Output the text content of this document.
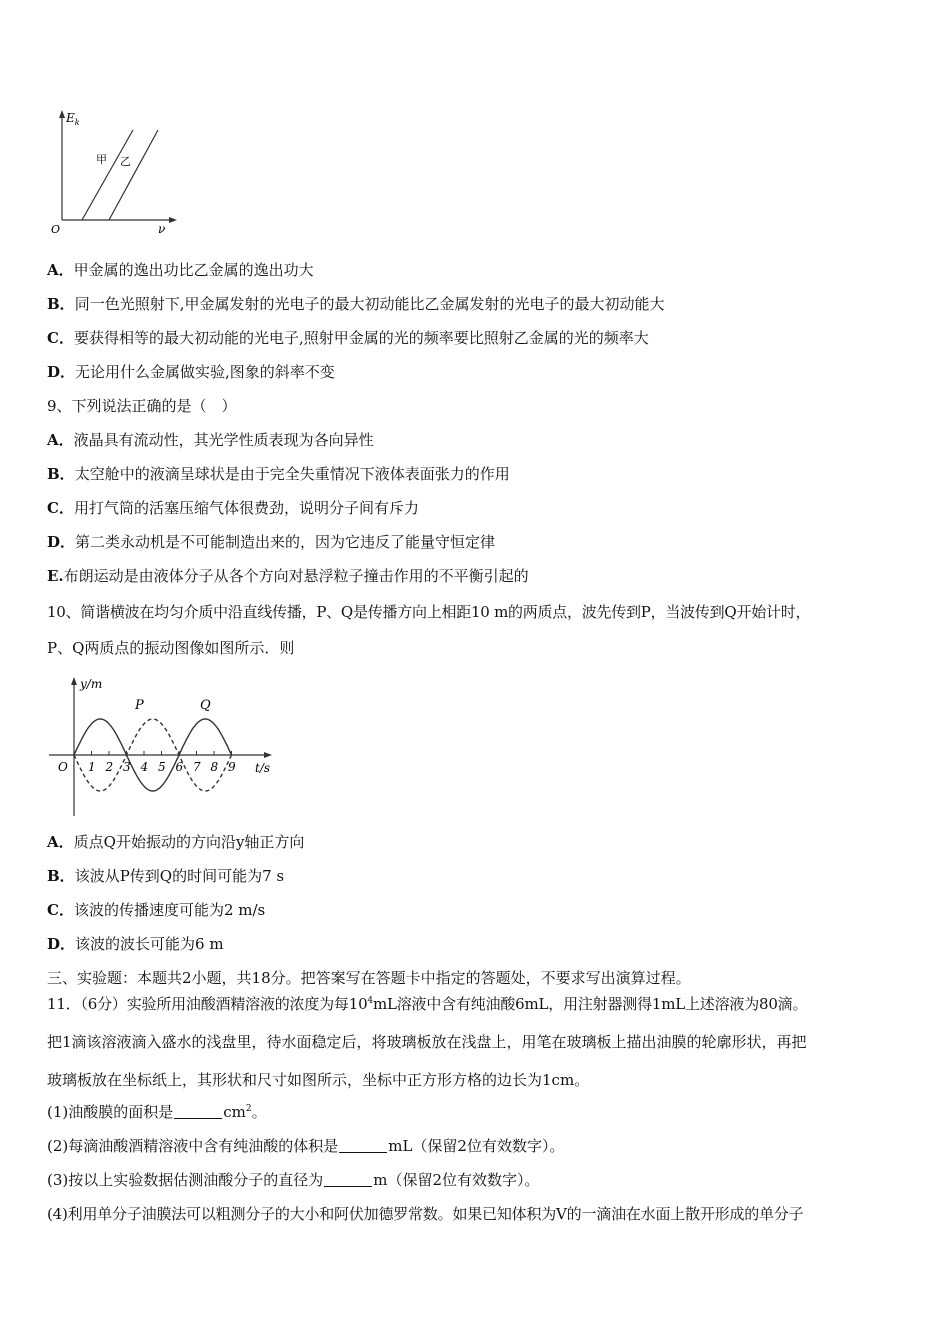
$E_k$
甲 乙
O	ν
A．甲金属的逸出功比乙金属的逸出功大
B．同一色光照射下,甲金属发射的光电子的最大初动能比乙金属发射的光电子的最大初动能大
C．要获得相等的最大初动能的光电子,照射甲金属的光的频率要比照射乙金属的光的频率大
D．无论用什么金属做实验,图象的斜率不变
9、下列说法正确的是（　）
A．液晶具有流动性，其光学性质表现为各向异性
B．太空舱中的液滴呈球状是由于完全失重情况下液体表面张力的作用
C．用打气筒的活塞压缩气体很费劲，说明分子间有斥力
D．第二类永动机是不可能制造出来的，因为它违反了能量守恒定律
E.布朗运动是由液体分子从各个方向对悬浮粒子撞击作用的不平衡引起的
10、简谐横波在均匀介质中沿直线传播，P、Q是传播方向上相距10 m的两质点，波先传到P，当波传到Q开始计时，
P、Q两质点的振动图像如图所示．则
y/m
P	Q
O	t/s
1 2 3 4 5 6 7 8 9
A．质点Q开始振动的方向沿y轴正方向
B．该波从P传到Q的时间可能为7 s
C．该波的传播速度可能为2 m/s
D．该波的波长可能为6 m
三、实验题：本题共2小题，共18分。把答案写在答题卡中指定的答题处，不要求写出演算过程。
11．（6分）实验所用油酸酒精溶液的浓度为每$10^4mL$溶液中含有纯油酸6mL，用注射器测得1mL上述溶液为80滴。
把1滴该溶液滴入盛水的浅盘里，待水面稳定后，将玻璃板放在浅盘上，用笔在玻璃板上描出油膜的轮廓形状，再把
玻璃板放在坐标纸上，其形状和尺寸如图所示，坐标中正方形方格的边长为1cm。
(1)油酸膜的面积是	$cm^2$。
(2)每滴油酸酒精溶液中含有纯油酸的体积是	mL（保留2位有效数字）。
(3)按以上实验数据估测油酸分子的直径为	m（保留2位有效数字）。
(4)利用单分子油膜法可以粗测分子的大小和阿伏加德罗常数。如果已知体积为V的一滴油在水面上散开形成的单分子
